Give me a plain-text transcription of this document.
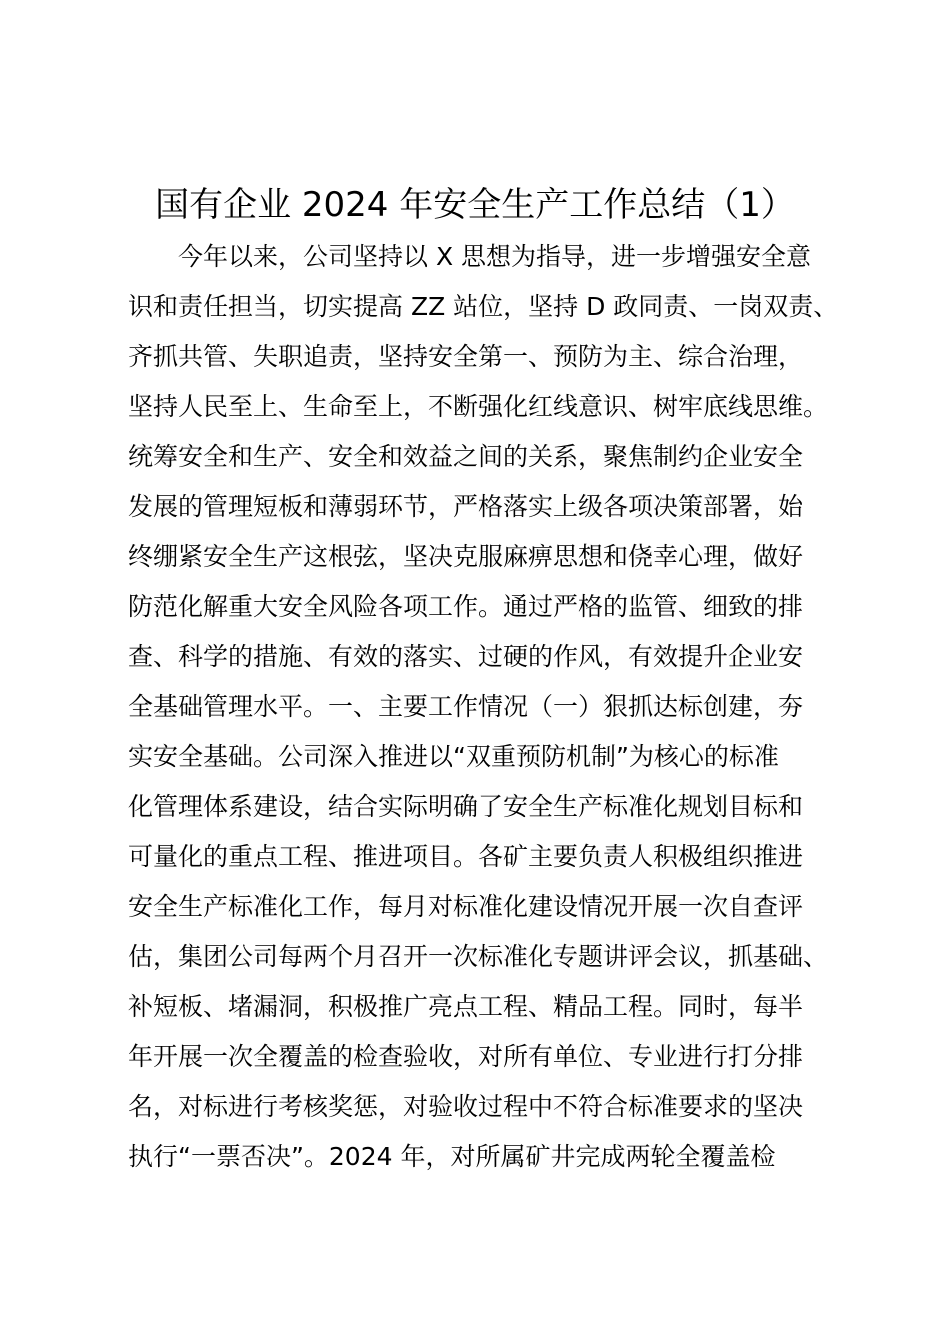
国有企业 2024 年安全生产工作总结（1）
今年以来，公司坚持以 X 思想为指导，进一步增强安全意
识和责任担当，切实提高 ZZ 站位，坚持 D 政同责、一岗双责、
齐抓共管、失职追责，坚持安全第一、预防为主、综合治理，
坚持人民至上、生命至上，不断强化红线意识、树牢底线思维。
统筹安全和生产、安全和效益之间的关系，聚焦制约企业安全
发展的管理短板和薄弱环节，严格落实上级各项决策部署，始
终绷紧安全生产这根弦，坚决克服麻痹思想和侥幸心理，做好
防范化解重大安全风险各项工作。通过严格的监管、细致的排
查、科学的措施、有效的落实、过硬的作风，有效提升企业安
全基础管理水平。一、主要工作情况（一）狠抓达标创建，夯
实安全基础。公司深入推进以“双重预防机制”为核心的标准
化管理体系建设，结合实际明确了安全生产标准化规划目标和
可量化的重点工程、推进项目。各矿主要负责人积极组织推进
安全生产标准化工作，每月对标准化建设情况开展一次自查评
估，集团公司每两个月召开一次标准化专题讲评会议，抓基础、
补短板、堵漏洞，积极推广亮点工程、精品工程。同时，每半
年开展一次全覆盖的检查验收，对所有单位、专业进行打分排
名，对标进行考核奖惩，对验收过程中不符合标准要求的坚决
执行“一票否决”。2024 年，对所属矿井完成两轮全覆盖检
